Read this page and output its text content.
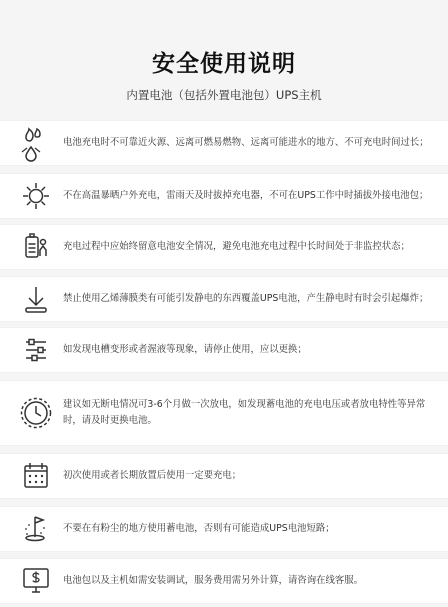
安全使用说明
内置电池（包括外置电池包）UPS主机
电池充电时不可靠近火源、远离可燃易燃物、远离可能进水的地方、不可充电时间过长；
不在高温暴晒户外充电，雷雨天及时拔掉充电器，不可在UPS工作中时插拔外接电池包；
充电过程中应始终留意电池安全情况，避免电池充电过程中长时间处于非监控状态；
禁止使用乙烯薄膜类有可能引发静电的东西覆盖UPS电池，产生静电时有时会引起爆炸；
如发现电槽变形或者渥液等现象，请停止使用，应以更换；
建议如无断电情况可3-6个月做一次放电，如发现蓄电池的充电电压或者放电特性等异常时，请及时更换电池。
初次使用或者长期放置后使用一定要充电；
不要在有粉尘的地方使用蓄电池，否则有可能造成UPS电池短路；
电池包以及主机如需安装调试，服务费用需另外计算，请咨询在线客服。
